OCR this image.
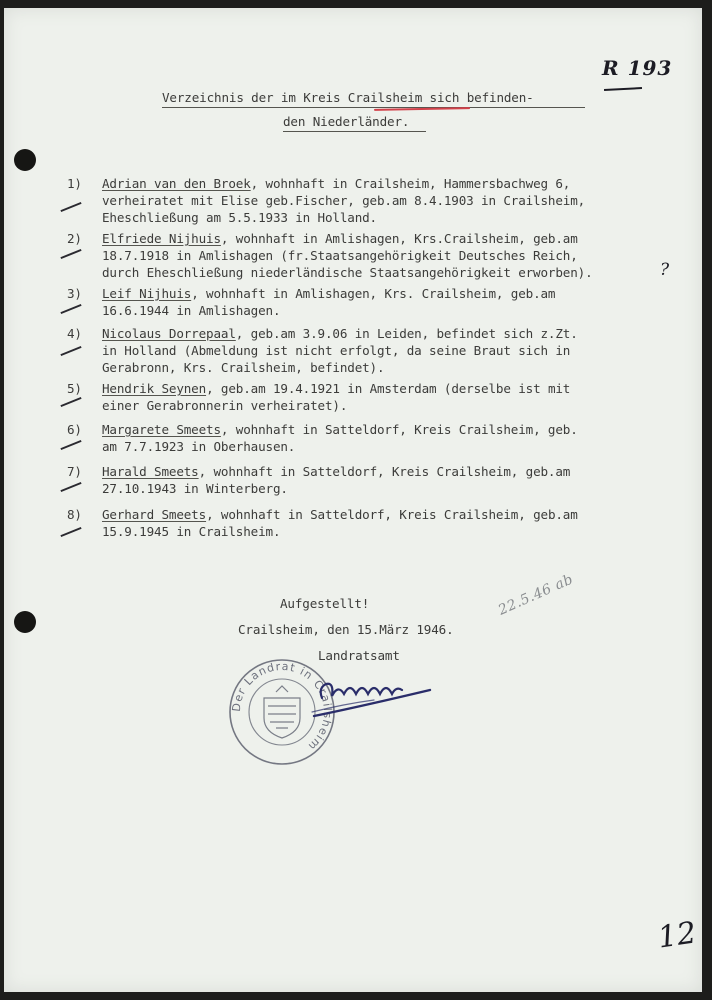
R 193
Verzeichnis der im Kreis Crailsheim sich befinden-
den Niederländer.
1) Adrian van den Broek, wohnhaft in Crailsheim, Hammersbachweg 6,
verheiratet mit Elise geb.Fischer, geb.am 8.4.1903 in Crailsheim,
Eheschließung am 5.5.1933 in Holland.
2) Elfriede Nijhuis, wohnhaft in Amlishagen, Krs.Crailsheim, geb.am
18.7.1918 in Amlishagen (fr.Staatsangehörigkeit Deutsches Reich,
durch Eheschließung niederländische Staatsangehörigkeit erworben).	?
3) Leif Nijhuis, wohnhaft in Amlishagen, Krs. Crailsheim, geb.am
16.6.1944 in Amlishagen.
4) Nicolaus Dorrepaal, geb.am 3.9.06 in Leiden, befindet sich z.Zt.
in Holland (Abmeldung ist nicht erfolgt, da seine Braut sich in
Gerabronn, Krs. Crailsheim, befindet).
5) Hendrik Seynen, geb.am 19.4.1921 in Amsterdam (derselbe ist mit
einer Gerabronnerin verheiratet).
6) Margarete Smeets, wohnhaft in Satteldorf, Kreis Crailsheim, geb.
am 7.7.1923 in Oberhausen.
7) Harald Smeets, wohnhaft in Satteldorf, Kreis Crailsheim, geb.am
27.10.1943 in Winterberg.
8) Gerhard Smeets, wohnhaft in Satteldorf, Kreis Crailsheim, geb.am
15.9.1945 in Crailsheim.
Aufgestellt!
Crailsheim, den 15.März 1946.
Landratsamt
Der Landrat in Crailsheim
22.5.46 ab
12
